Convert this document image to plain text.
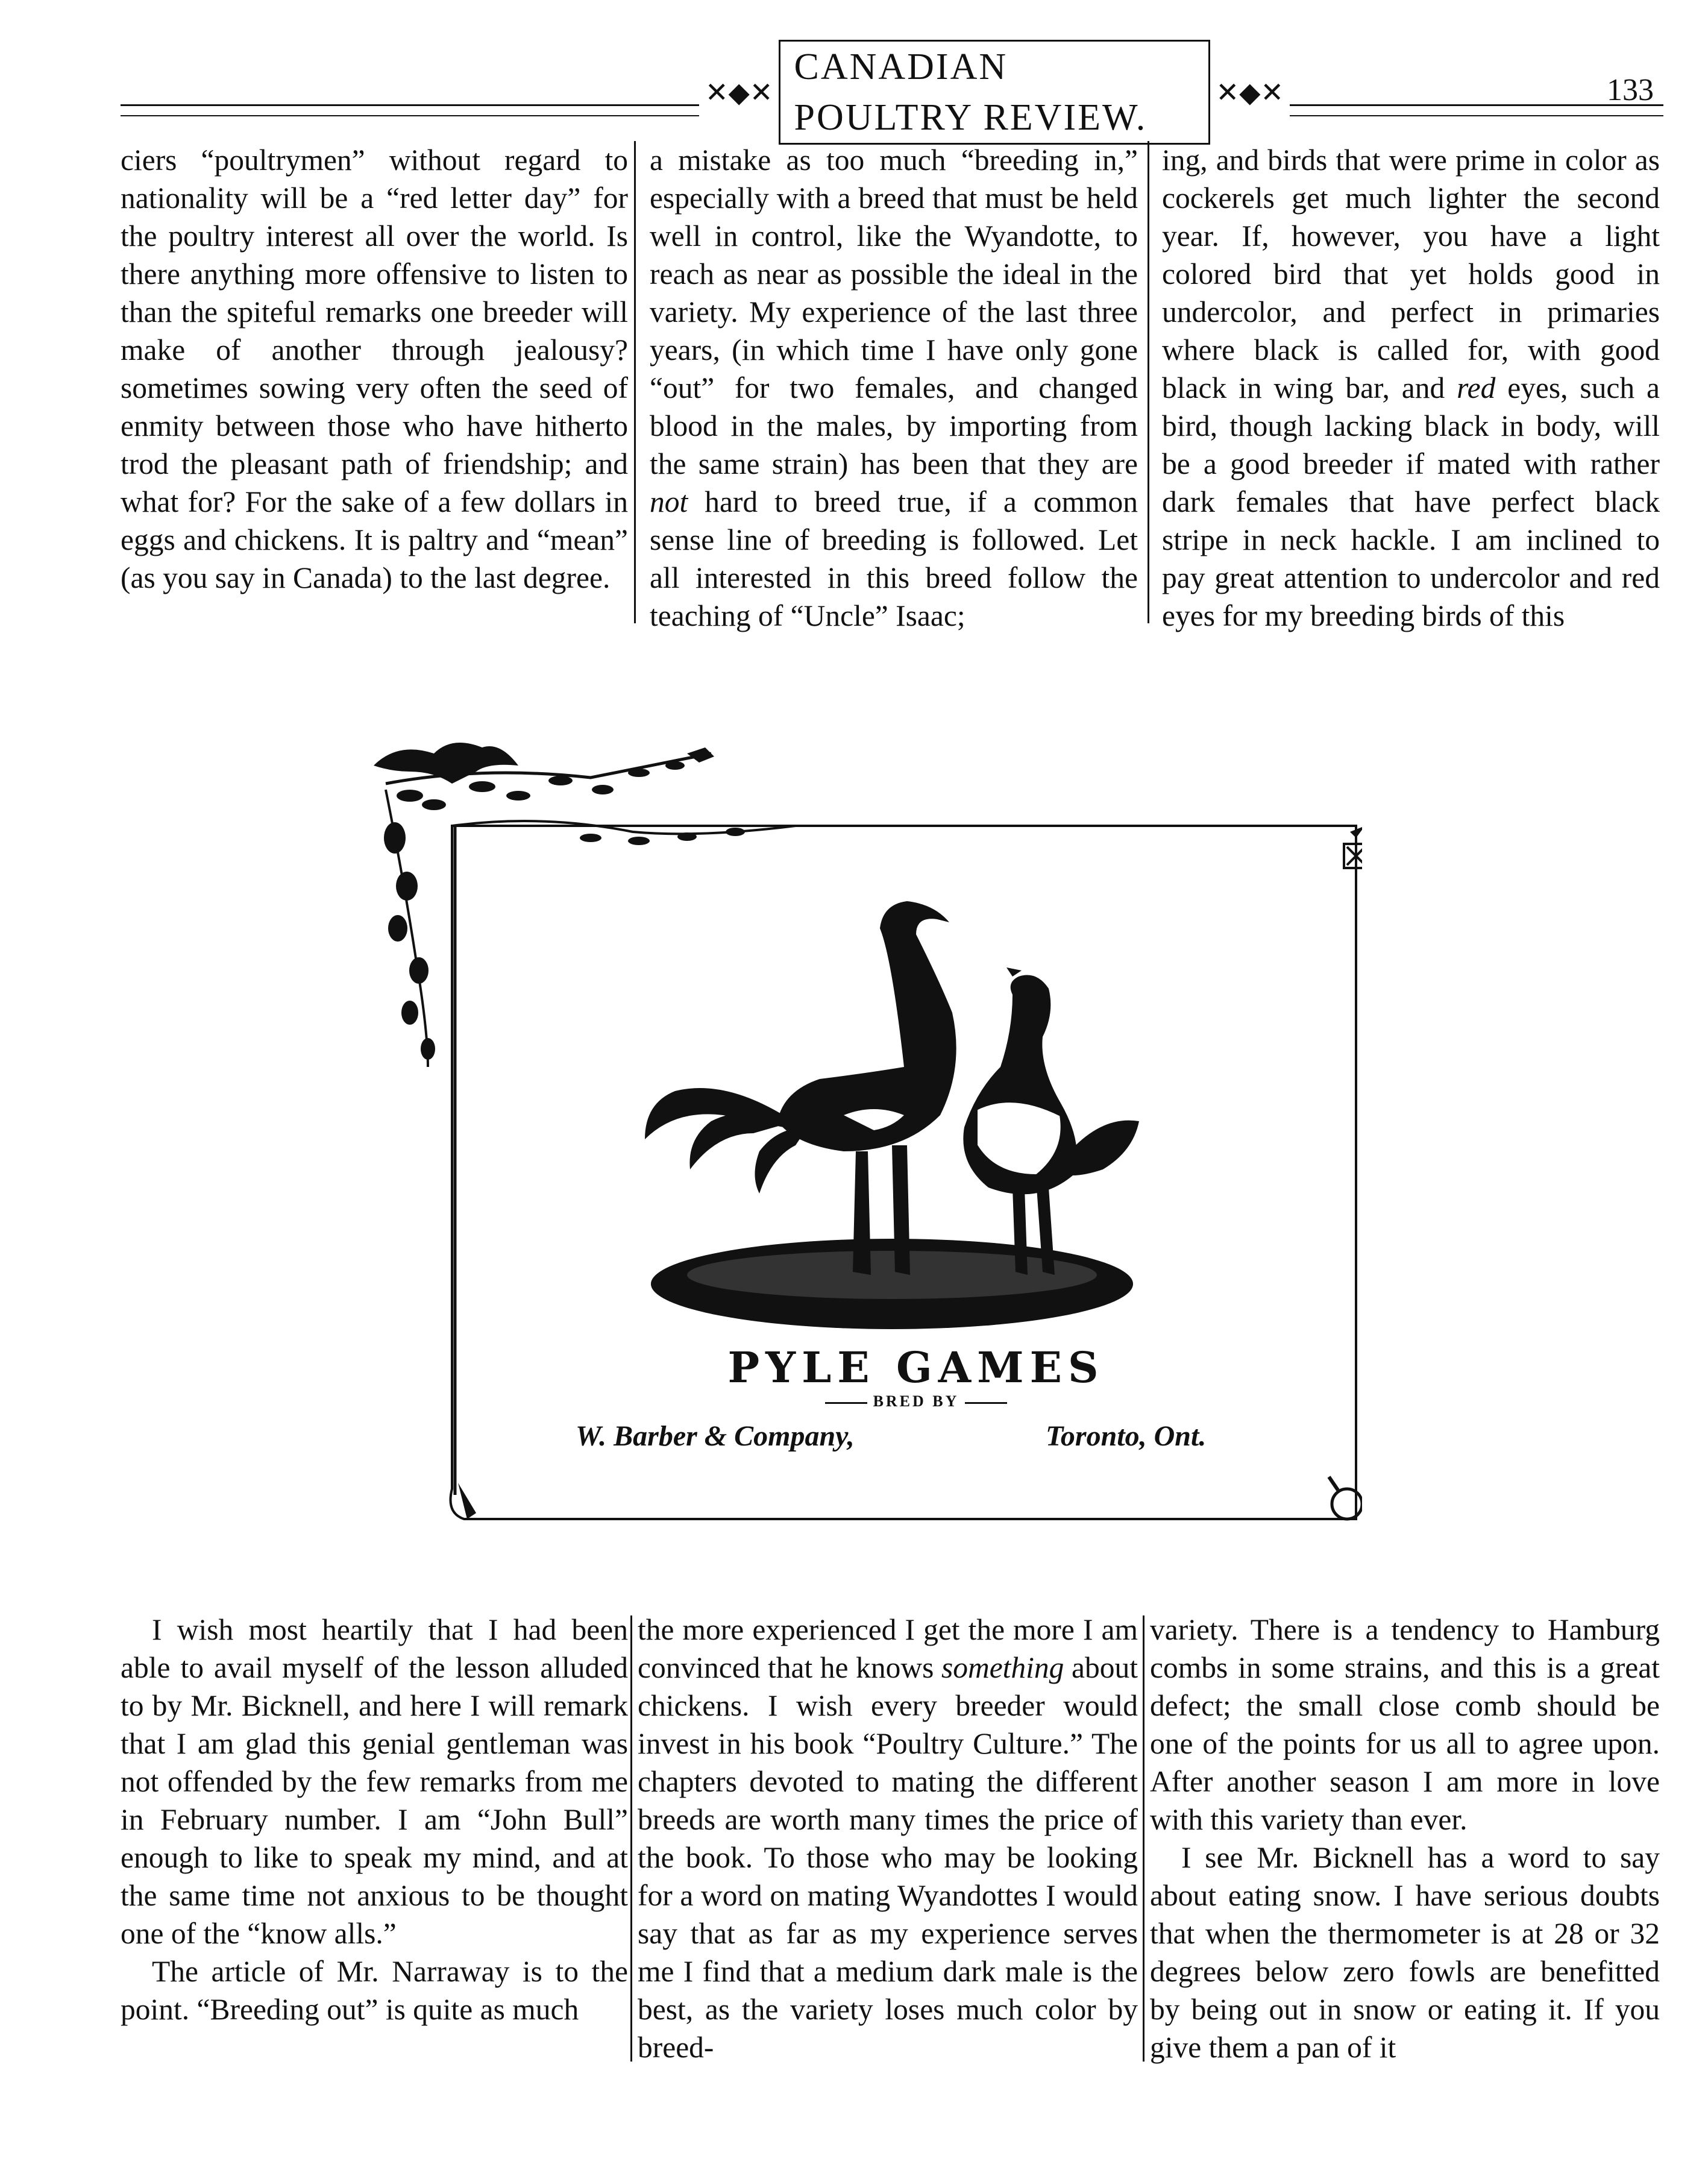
✕◆✕
CANADIAN POULTRY REVIEW.
✕◆✕	133

ciers “poultrymen” without regard to nationality will be a “red letter day” for the poultry interest all over the world. Is there anything more offensive to listen to than the spiteful remarks one breeder will make of another through jealousy? sometimes sowing very often the seed of enmity between those who have hitherto trod the pleasant path of friendship; and what for? For the sake of a few dollars in eggs and chickens. It is paltry and “mean” (as you say in Canada) to the last degree.

a mistake as too much “breeding in,” especially with a breed that must be held well in control, like the Wyandotte, to reach as near as possible the ideal in the variety. My experience of the last three years, (in which time I have only gone “out” for two females, and changed blood in the males, by importing from the same strain) has been that they are not hard to breed true, if a common sense line of breeding is followed. Let all interested in this breed follow the teaching of “Uncle” Isaac;

ing, and birds that were prime in color as cockerels get much lighter the second year. If, however, you have a light colored bird that yet holds good in undercolor, and perfect in primaries where black is called for, with good black in wing bar, and red eyes, such a bird, though lacking black in body, will be a good breeder if mated with rather dark females that have perfect black stripe in neck hackle. I am inclined to pay great attention to undercolor and red eyes for my breeding birds of this

PYLE GAMES
BRED BY
W. Barber & Company,	Toronto, Ont.

I wish most heartily that I had been able to avail myself of the lesson alluded to by Mr. Bicknell, and here I will remark that I am glad this genial gentleman was not offended by the few remarks from me in February number. I am “John Bull” enough to like to speak my mind, and at the same time not anxious to be thought one of the “know alls.”

The article of Mr. Narraway is to the point. “Breeding out” is quite as much

the more experienced I get the more I am convinced that he knows something about chickens. I wish every breeder would invest in his book “Poultry Culture.” The chapters devoted to mating the different breeds are worth many times the price of the book. To those who may be looking for a word on mating Wyandottes I would say that as far as my experience serves me I find that a medium dark male is the best, as the variety loses much color by breed-

variety. There is a tendency to Hamburg combs in some strains, and this is a great defect; the small close comb should be one of the points for us all to agree upon. After another season I am more in love with this variety than ever.

I see Mr. Bicknell has a word to say about eating snow. I have serious doubts that when the thermometer is at 28 or 32 degrees below zero fowls are benefitted by being out in snow or eating it. If you give them a pan of it
